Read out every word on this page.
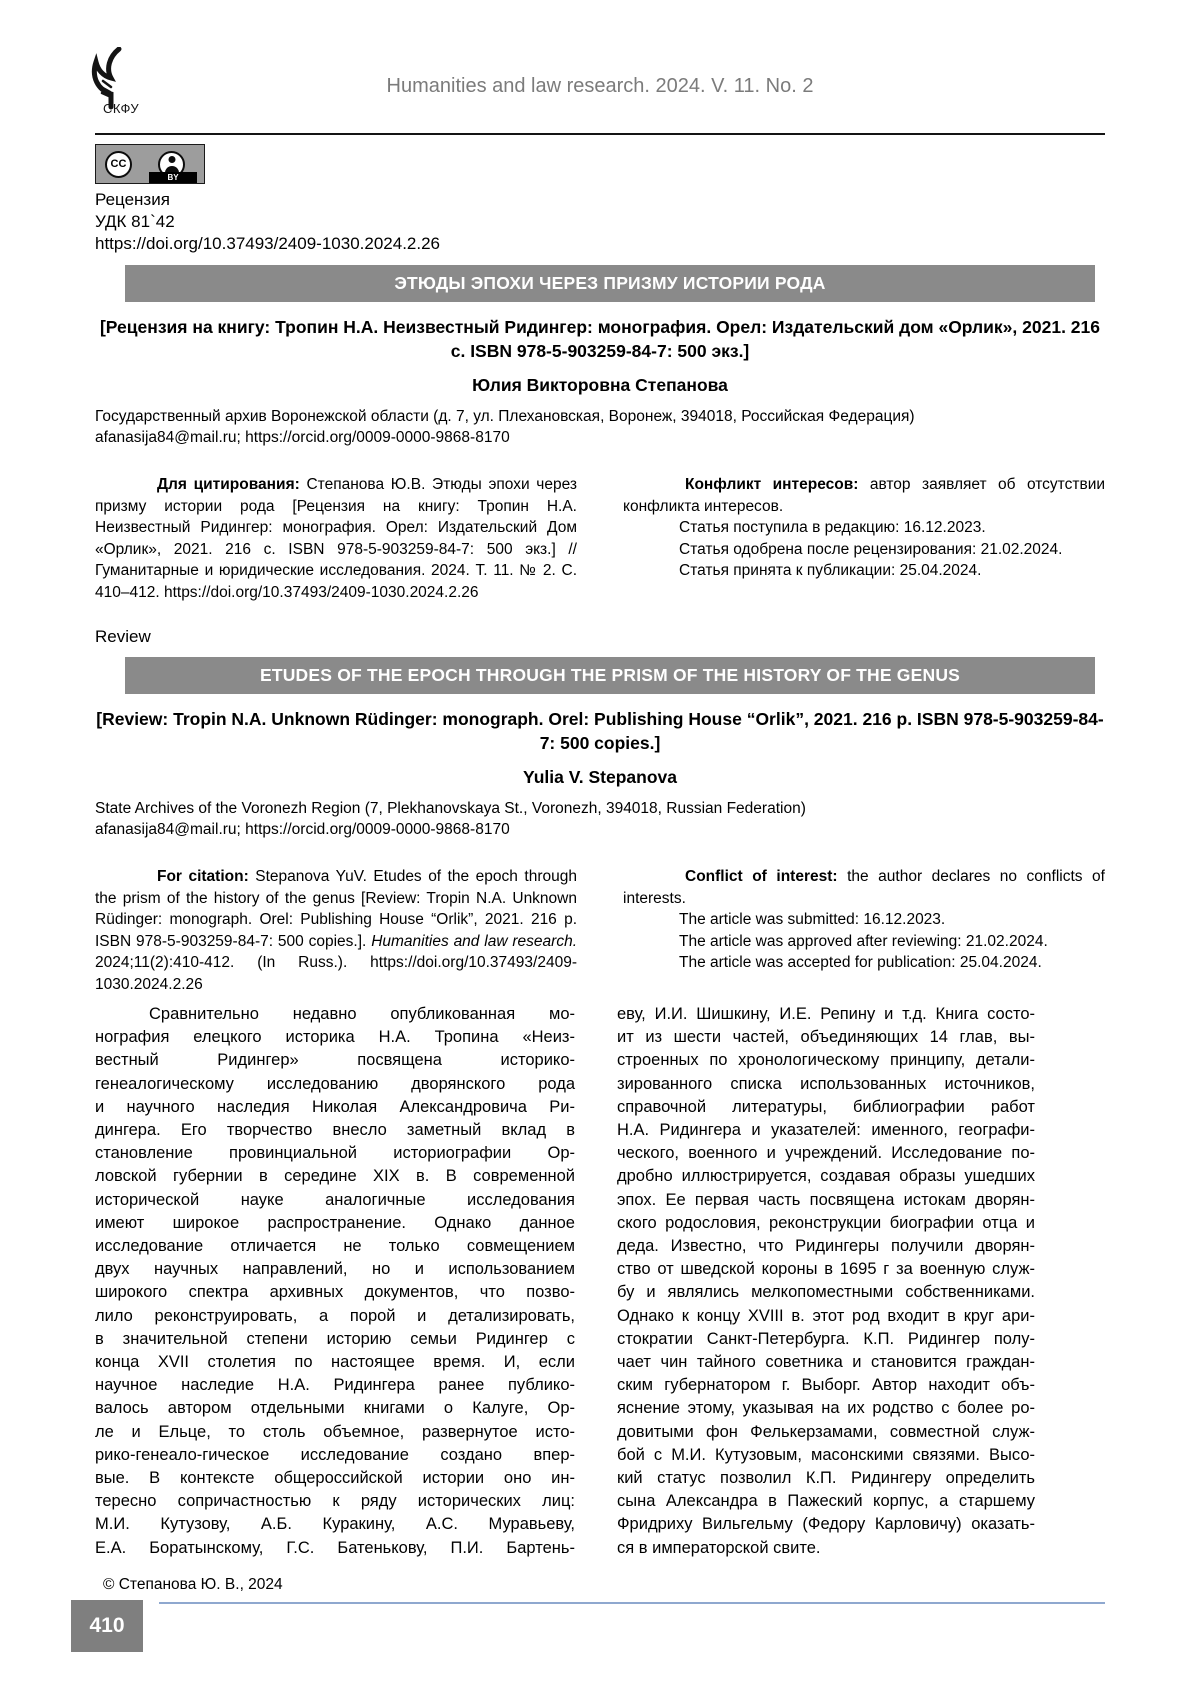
СКФУ
Humanities and law research. 2024. V. 11. No. 2
CC
BY
Рецензия
УДК 81`42
https://doi.org/10.37493/2409-1030.2024.2.26
ЭТЮДЫ ЭПОХИ ЧЕРЕЗ ПРИЗМУ ИСТОРИИ РОДА
[Рецензия на книгу: Тропин Н.А. Неизвестный Ридингер: монография. Орел: Издательский дом «Орлик», 2021. 216 с. ISBN 978-5-903259-84-7: 500 экз.]
Юлия Викторовна Степанова
Государственный архив Воронежской области (д. 7, ул. Плехановская, Воронеж, 394018, Российская Федерация)
afanasija84@mail.ru; https://orcid.org/0009-0000-9868-8170

Для цитирования: Степанова Ю.В. Этюды эпохи через призму истории рода [Рецензия на книгу: Тропин Н.А. Неизвестный Ридингер: монография. Орел: Издательский Дом «Орлик», 2021. 216 с. ISBN 978-5-903259-84-7: 500 экз.] // Гуманитарные и юридические исследования. 2024. Т. 11. № 2. С. 410–412. https://doi.org/10.37493/2409-1030.2024.2.26

Конфликт интересов: автор заявляет об отсутствии конфликта интересов.

Статья поступила в редакцию: 16.12.2023.
Статья одобрена после рецензирования: 21.02.2024.
Статья принята к публикации: 25.04.2024.
Review
ETUDES OF THE EPOCH THROUGH THE PRISM OF THE HISTORY OF THE GENUS
[Review: Tropin N.A. Unknown Rüdinger: monograph. Orel: Publishing House “Orlik”, 2021. 216 p. ISBN 978-5-903259-84-7: 500 copies.]
Yulia V. Stepanova
State Archives of the Voronezh Region (7, Plekhanovskaya St., Voronezh, 394018, Russian Federation)
afanasija84@mail.ru; https://orcid.org/0009-0000-9868-8170

For citation: Stepanova YuV. Etudes of the epoch through the prism of the history of the genus [Review: Tropin N.A. Unknown Rüdinger: monograph. Orel: Publishing House “Orlik”, 2021. 216 p. ISBN 978-5-903259-84-7: 500 copies.]. Humanities and law research. 2024;11(2):410-412. (In Russ.). https://doi.org/10.37493/2409-1030.2024.2.26

Conflict of interest: the author declares no conflicts of interests.

The article was submitted: 16.12.2023.
The article was approved after reviewing: 21.02.2024.
The article was accepted for publication: 25.04.2024.
Сравнительно недавно опубликованная мо-
нография елецкого историка Н.А. Тропина «Неиз-
вестный Ридингер» посвящена историко-
генеалогическому исследованию дворянского рода
и научного наследия Николая Александровича Ри-
дингера. Его творчество внесло заметный вклад в
становление провинциальной историографии Ор-
ловской губернии в середине XIX в. В современной
исторической науке аналогичные исследования
имеют широкое распространение. Однако данное
исследование отличается не только совмещением
двух научных направлений, но и использованием
широкого спектра архивных документов, что позво-
лило реконструировать, а порой и детализировать,
в значительной степени историю семьи Ридингер с
конца XVII столетия по настоящее время. И, если
научное наследие Н.А. Ридингера ранее публико-
валось автором отдельными книгами о Калуге, Ор-
ле и Ельце, то столь объемное, развернутое исто-
рико-генеало-гическое исследование создано впер-
вые. В контексте общероссийской истории оно ин-
тересно сопричастностью к ряду исторических лиц:
М.И. Кутузову, А.Б. Куракину, А.С. Муравьеву,
Е.А. Боратынскому, Г.С. Батенькову, П.И. Бартень-
еву, И.И. Шишкину, И.Е. Репину и т.д. Книга состо-
ит из шести частей, объединяющих 14 глав, вы-
строенных по хронологическому принципу, детали-
зированного списка использованных источников,
справочной литературы, библиографии работ
Н.А. Ридингера и указателей: именного, географи-
ческого, военного и учреждений. Исследование по-
дробно иллюстрируется, создавая образы ушедших
эпох. Ее первая часть посвящена истокам дворян-
ского родословия, реконструкции биографии отца и
деда. Известно, что Ридингеры получили дворян-
ство от шведской короны в 1695 г за военную служ-
бу и являлись мелкопоместными собственниками.
Однако к концу XVIII в. этот род входит в круг ари-
стократии Санкт-Петербурга. К.П. Ридингер полу-
чает чин тайного советника и становится граждан-
ским губернатором г. Выборг. Автор находит объ-
яснение этому, указывая на их родство с более ро-
довитыми фон Фелькерзамами, совместной служ-
бой с М.И. Кутузовым, масонскими связями. Высо-
кий статус позволил К.П. Ридингеру определить
сына Александра в Пажеский корпус, а старшему
Фридриху Вильгельму (Федору Карловичу) оказать-
ся в императорской свите.
© Степанова Ю. В., 2024
410
